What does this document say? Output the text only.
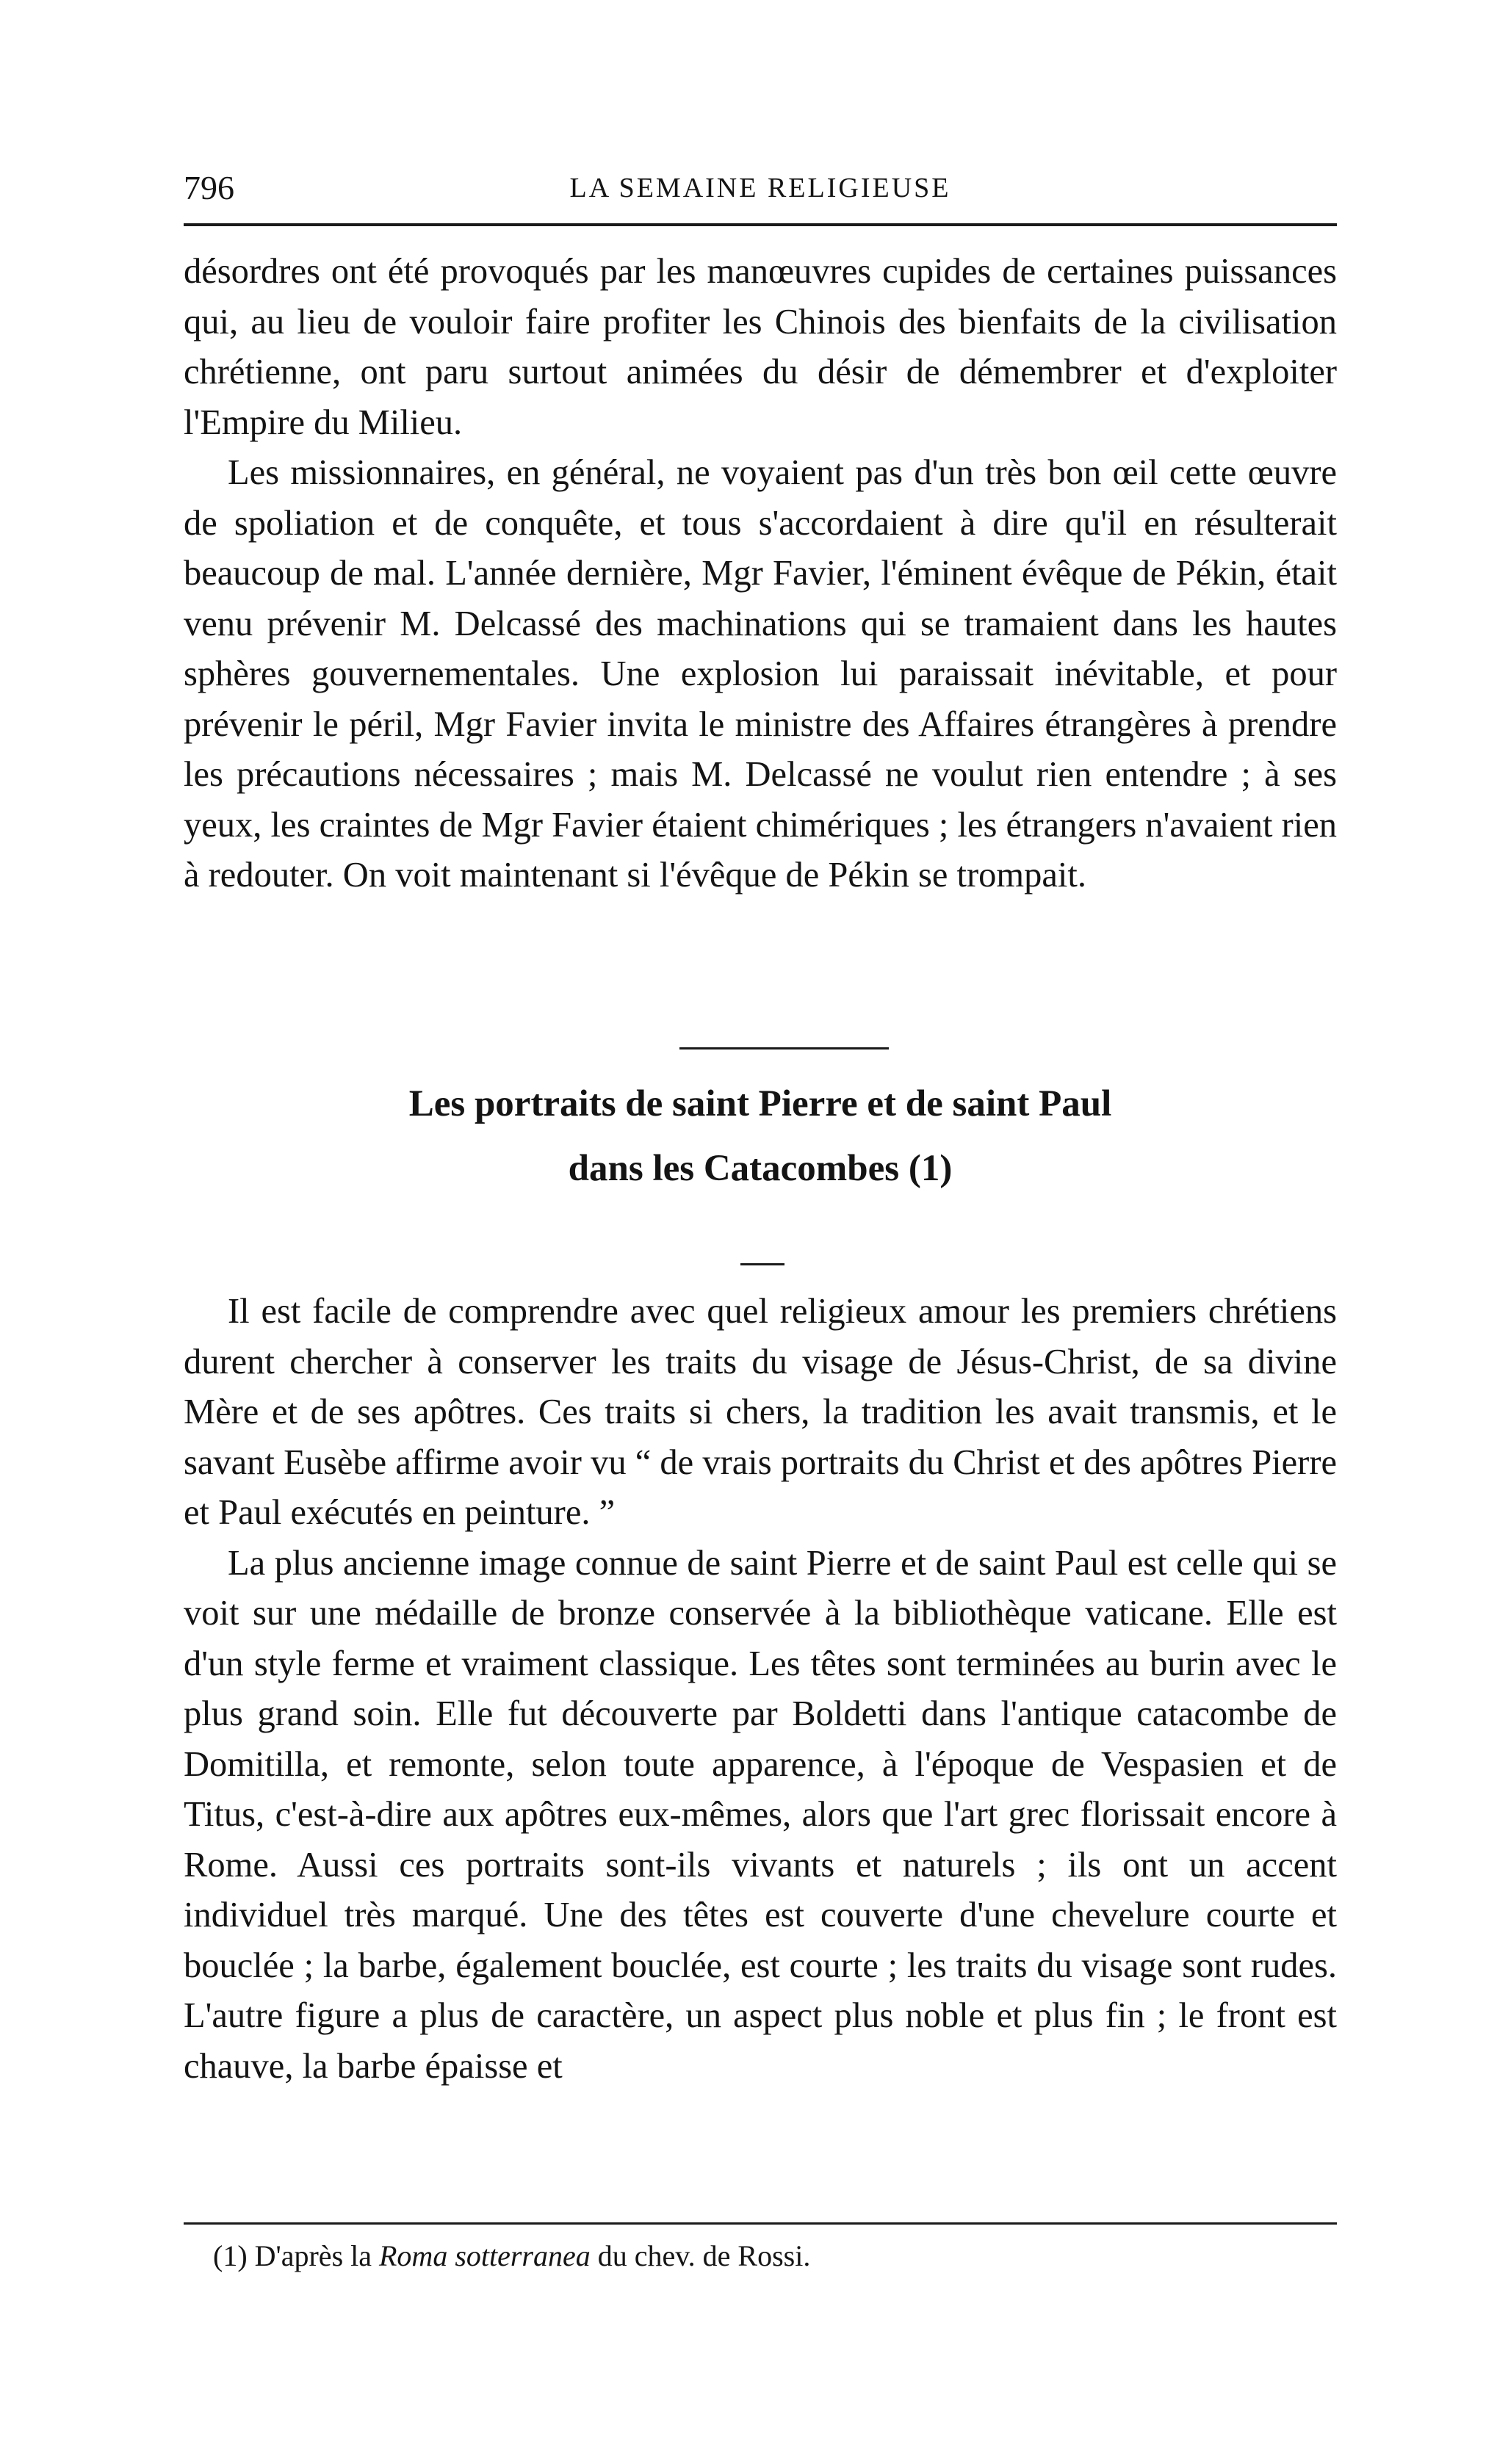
796	LA SEMAINE RELIGIEUSE

désordres ont été provoqués par les manœuvres cupides de certaines puissances qui, au lieu de vouloir faire profiter les Chinois des bienfaits de la civilisation chrétienne, ont paru surtout animées du désir de démembrer et d'exploiter l'Empire du Milieu.

Les missionnaires, en général, ne voyaient pas d'un très bon œil cette œuvre de spoliation et de conquête, et tous s'accordaient à dire qu'il en résulterait beaucoup de mal. L'année dernière, Mgr Favier, l'éminent évêque de Pékin, était venu prévenir M. Delcassé des machinations qui se tramaient dans les hautes sphères gouvernementales. Une explosion lui paraissait inévitable, et pour prévenir le péril, Mgr Favier invita le ministre des Affaires étrangères à prendre les précautions nécessaires ; mais M. Delcassé ne voulut rien entendre ; à ses yeux, les craintes de Mgr Favier étaient chimériques ; les étrangers n'avaient rien à redouter. On voit maintenant si l'évêque de Pékin se trompait.

Les portraits de saint Pierre et de saint Paul
dans les Catacombes (1)

Il est facile de comprendre avec quel religieux amour les premiers chrétiens durent chercher à conserver les traits du visage de Jésus-Christ, de sa divine Mère et de ses apôtres. Ces traits si chers, la tradition les avait transmis, et le savant Eusèbe affirme avoir vu “ de vrais portraits du Christ et des apôtres Pierre et Paul exécutés en peinture. ”

La plus ancienne image connue de saint Pierre et de saint Paul est celle qui se voit sur une médaille de bronze conservée à la bibliothèque vaticane. Elle est d'un style ferme et vraiment classique. Les têtes sont terminées au burin avec le plus grand soin. Elle fut découverte par Boldetti dans l'antique catacombe de Domitilla, et remonte, selon toute apparence, à l'époque de Vespasien et de Titus, c'est-à-dire aux apôtres eux-mêmes, alors que l'art grec florissait encore à Rome. Aussi ces portraits sont-ils vivants et naturels ; ils ont un accent individuel très marqué. Une des têtes est couverte d'une chevelure courte et bouclée ; la barbe, également bouclée, est courte ; les traits du visage sont rudes. L'autre figure a plus de caractère, un aspect plus noble et plus fin ; le front est chauve, la barbe épaisse et

(1) D'après la Roma sotterranea du chev. de Rossi.
